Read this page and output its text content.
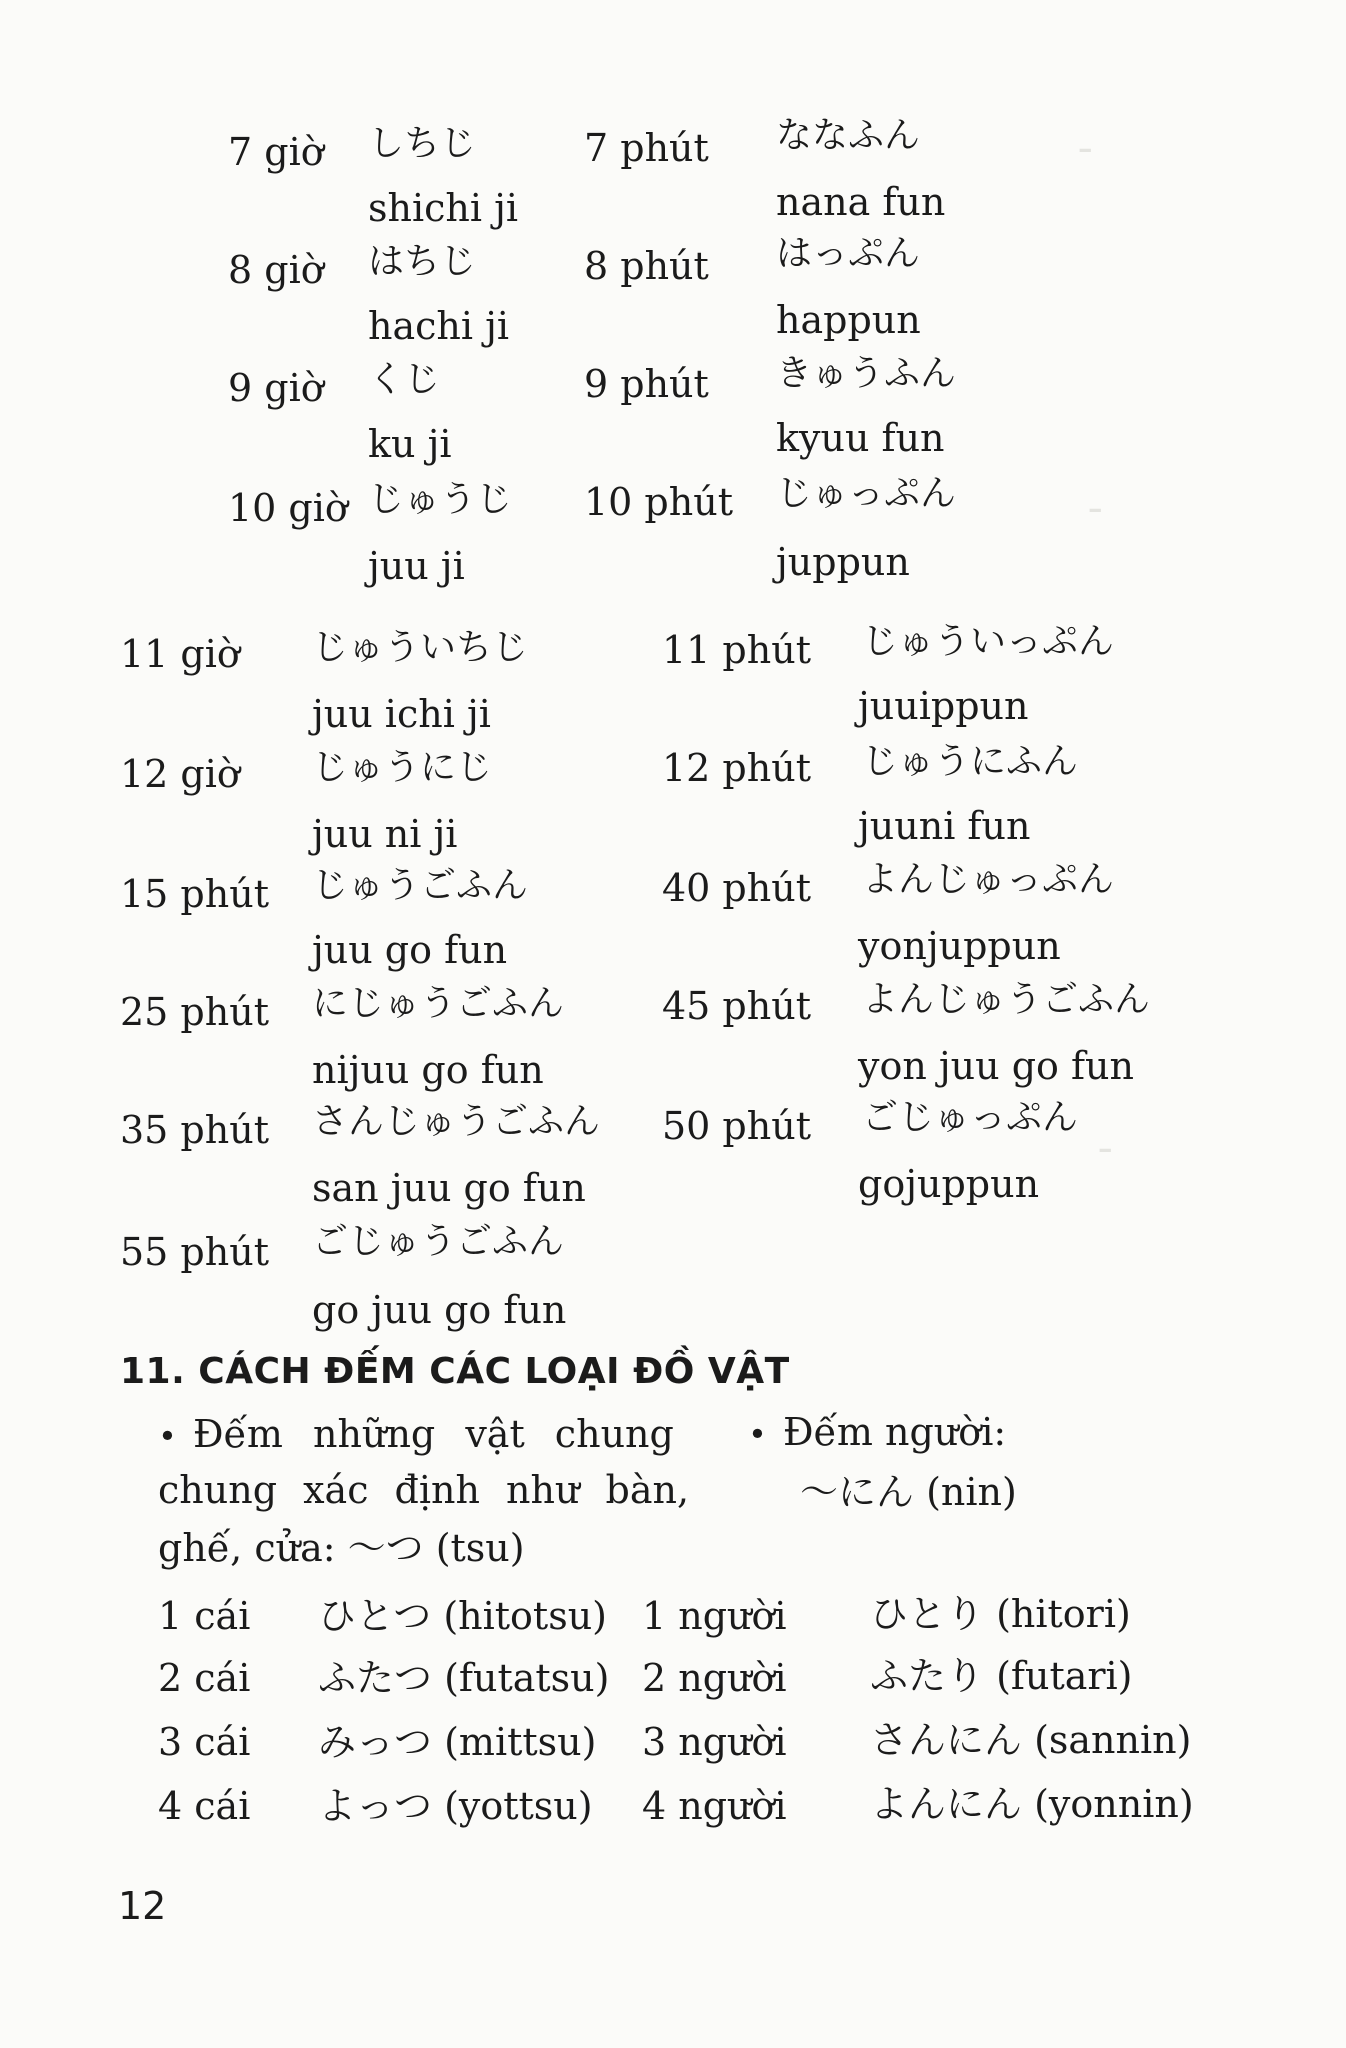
ـ
ـ
ـ
7 giờ しちじ
shichi ji
7 phút ななふん
nana fun
8 giờ はちじ
hachi ji
8 phút はっぷん
happun
9 giờ くじ
ku ji
9 phút きゅうふん
kyuu fun
10 giờ じゅうじ
juu ji
10 phút じゅっぷん
juppun
11 giờ じゅういちじ
juu ichi ji
11 phút じゅういっぷん
juuippun
12 giờ じゅうにじ
juu ni ji
12 phút じゅうにふん
juuni fun
15 phút じゅうごふん
juu go fun
40 phút よんじゅっぷん
yonjuppun
25 phút にじゅうごふん
nijuu go fun
45 phút よんじゅうごふん
yon juu go fun
35 phút さんじゅうごふん
san juu go fun
50 phút ごじゅっぷん
gojuppun
55 phút ごじゅうごふん
go juu go fun
11. CÁCH ĐẾM CÁC LOẠI ĐỒ VẬT
• Đếm những vật chung
chung xác định như bàn,
ghế, cửa: ～つ (tsu)
• Đếm người:
～にん (nin)
1 cái ひとつ (hitotsu) 1 người ひとり (hitori)
2 cái ふたつ (futatsu) 2 người ふたり (futari)
3 cái みっつ (mittsu) 3 người さんにん (sannin)
4 cái よっつ (yottsu) 4 người よんにん (yonnin)
12
